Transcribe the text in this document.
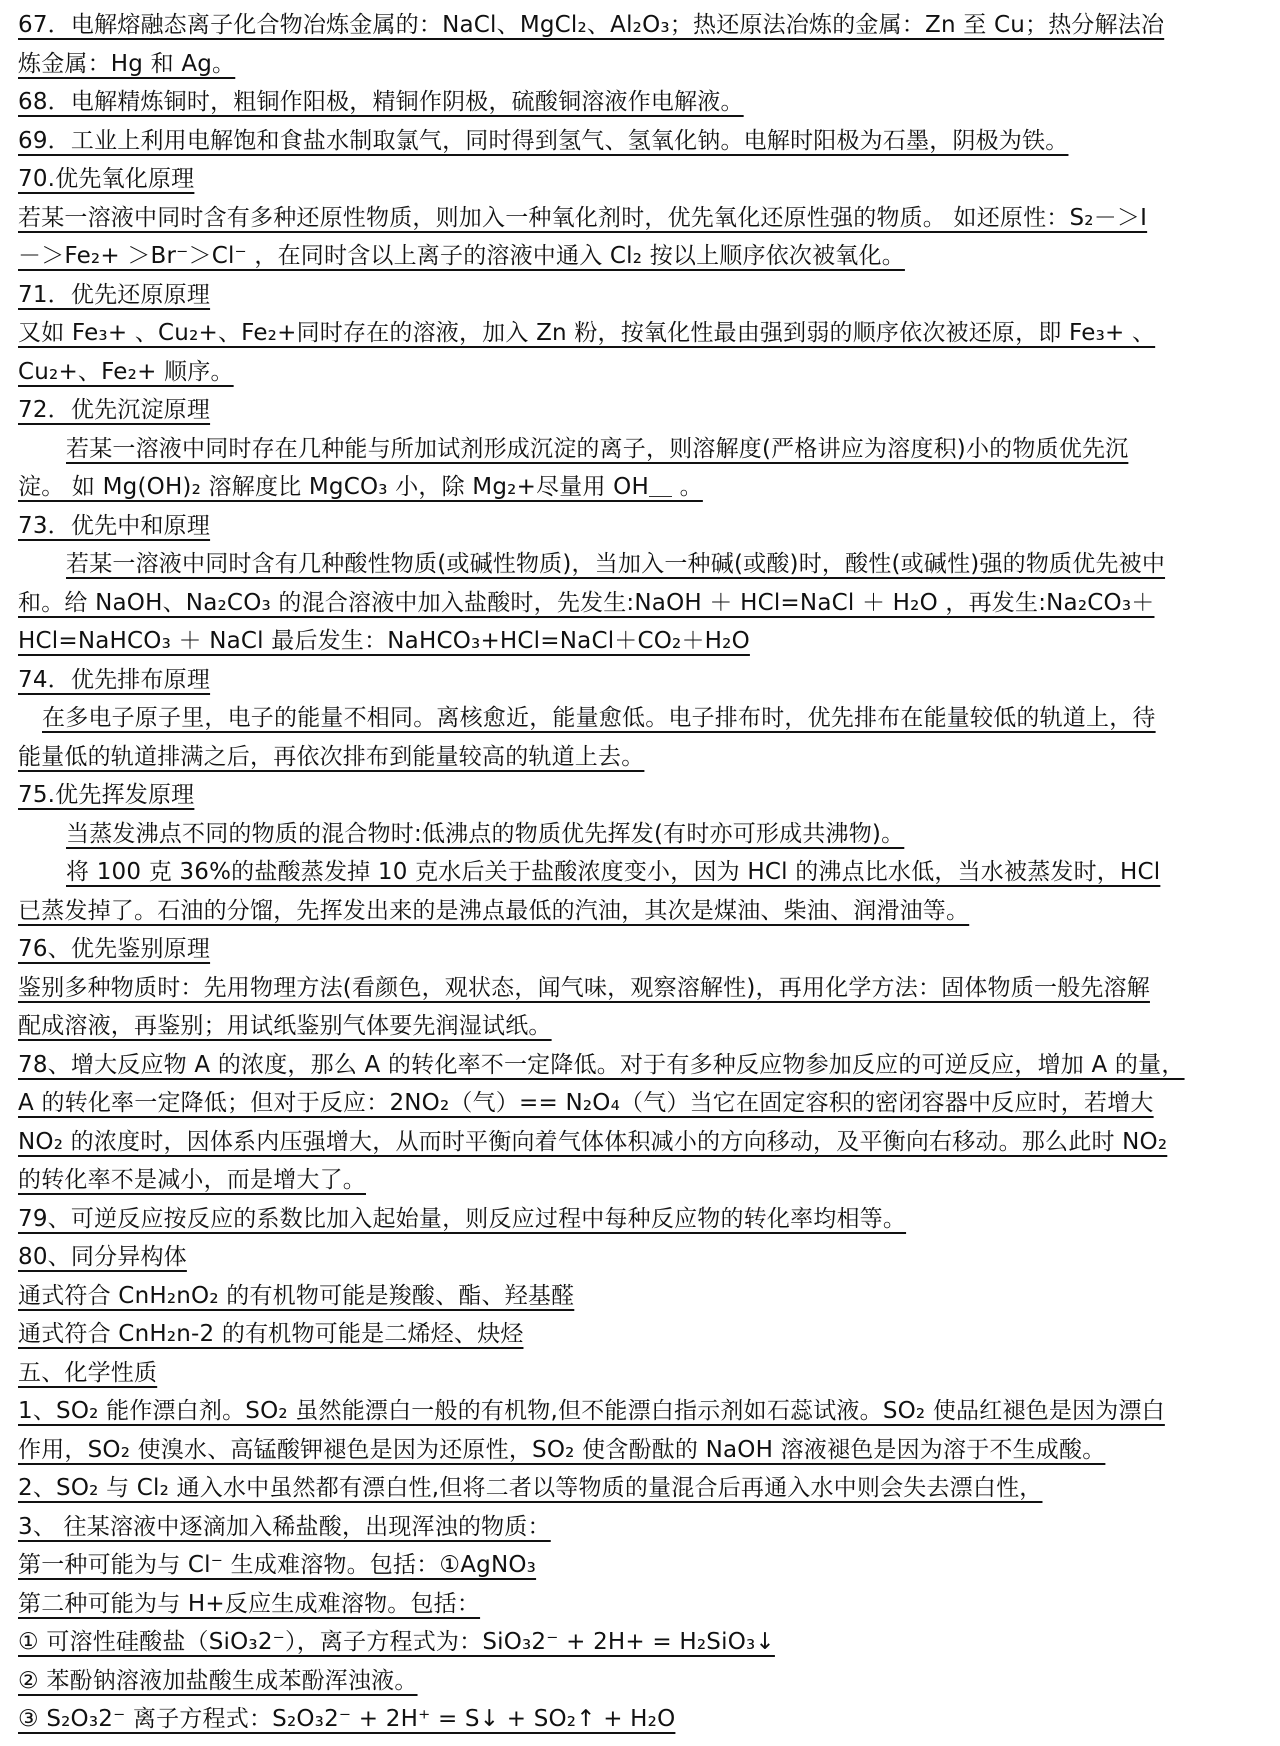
67．电解熔融态离子化合物冶炼金属的：NaCl、MgCl₂、Al₂O₃；热还原法冶炼的金属：Zn 至 Cu；热分解法冶
炼金属：Hg 和 Ag。
68．电解精炼铜时，粗铜作阳极，精铜作阴极，硫酸铜溶液作电解液。
69．工业上利用电解饱和食盐水制取氯气，同时得到氢气、氢氧化钠。电解时阳极为石墨，阴极为铁。
70.优先氧化原理
若某一溶液中同时含有多种还原性物质，则加入一种氧化剂时，优先氧化还原性强的物质。 如还原性：S₂－＞I
－＞Fe₂+ ＞Br⁻＞Cl⁻ ，在同时含以上离子的溶液中通入 Cl₂ 按以上顺序依次被氧化。
71．优先还原原理
又如 Fe₃+ 、Cu₂+、Fe₂+同时存在的溶液，加入 Zn 粉，按氧化性最由强到弱的顺序依次被还原，即 Fe₃+ 、
Cu₂+、Fe₂+ 顺序。
72．优先沉淀原理
若某一溶液中同时存在几种能与所加试剂形成沉淀的离子，则溶解度(严格讲应为溶度积)小的物质优先沉
淀。 如 Mg(OH)₂ 溶解度比 MgCO₃ 小，除 Mg₂+尽量用 OH＿ 。
73．优先中和原理
若某一溶液中同时含有几种酸性物质(或碱性物质)，当加入一种碱(或酸)时，酸性(或碱性)强的物质优先被中
和。给 NaOH、Na₂CO₃ 的混合溶液中加入盐酸时，先发生:NaOH ＋ HCl=NaCl ＋ H₂O ，再发生:Na₂CO₃＋
HCl=NaHCO₃ ＋ NaCl 最后发生：NaHCO₃+HCl=NaCl＋CO₂＋H₂O
74．优先排布原理
在多电子原子里，电子的能量不相同。离核愈近，能量愈低。电子排布时，优先排布在能量较低的轨道上，待
能量低的轨道排满之后，再依次排布到能量较高的轨道上去。
75.优先挥发原理
当蒸发沸点不同的物质的混合物时:低沸点的物质优先挥发(有时亦可形成共沸物)。
将 100 克 36%的盐酸蒸发掉 10 克水后关于盐酸浓度变小，因为 HCl 的沸点比水低，当水被蒸发时，HCl
已蒸发掉了。石油的分馏，先挥发出来的是沸点最低的汽油，其次是煤油、柴油、润滑油等。
76、优先鉴别原理
鉴别多种物质时：先用物理方法(看颜色，观状态，闻气味，观察溶解性)，再用化学方法：固体物质一般先溶解
配成溶液，再鉴别；用试纸鉴别气体要先润湿试纸。
78、增大反应物 A 的浓度，那么 A 的转化率不一定降低。对于有多种反应物参加反应的可逆反应，增加 A 的量，
A 的转化率一定降低；但对于反应：2NO₂（气）== N₂O₄（气）当它在固定容积的密闭容器中反应时，若增大
NO₂ 的浓度时，因体系内压强增大，从而时平衡向着气体体积减小的方向移动，及平衡向右移动。那么此时 NO₂
的转化率不是减小，而是增大了。
79、可逆反应按反应的系数比加入起始量，则反应过程中每种反应物的转化率均相等。
80、同分异构体
通式符合 CnH₂nO₂ 的有机物可能是羧酸、酯、羟基醛
通式符合 CnH₂n-2 的有机物可能是二烯烃、炔烃
五、化学性质
1、SO₂ 能作漂白剂。SO₂ 虽然能漂白一般的有机物,但不能漂白指示剂如石蕊试液。SO₂ 使品红褪色是因为漂白
作用，SO₂ 使溴水、高锰酸钾褪色是因为还原性，SO₂ 使含酚酞的 NaOH 溶液褪色是因为溶于不生成酸。
2、SO₂ 与 Cl₂ 通入水中虽然都有漂白性,但将二者以等物质的量混合后再通入水中则会失去漂白性，
3、 往某溶液中逐滴加入稀盐酸，出现浑浊的物质：
第一种可能为与 Cl⁻ 生成难溶物。包括：①AgNO₃
第二种可能为与 H+反应生成难溶物。包括：
① 可溶性硅酸盐（SiO₃2⁻），离子方程式为：SiO₃2⁻ + 2H+ = H₂SiO₃↓
② 苯酚钠溶液加盐酸生成苯酚浑浊液。
③ S₂O₃2⁻ 离子方程式：S₂O₃2⁻ + 2H⁺ = S↓ + SO₂↑ + H₂O
